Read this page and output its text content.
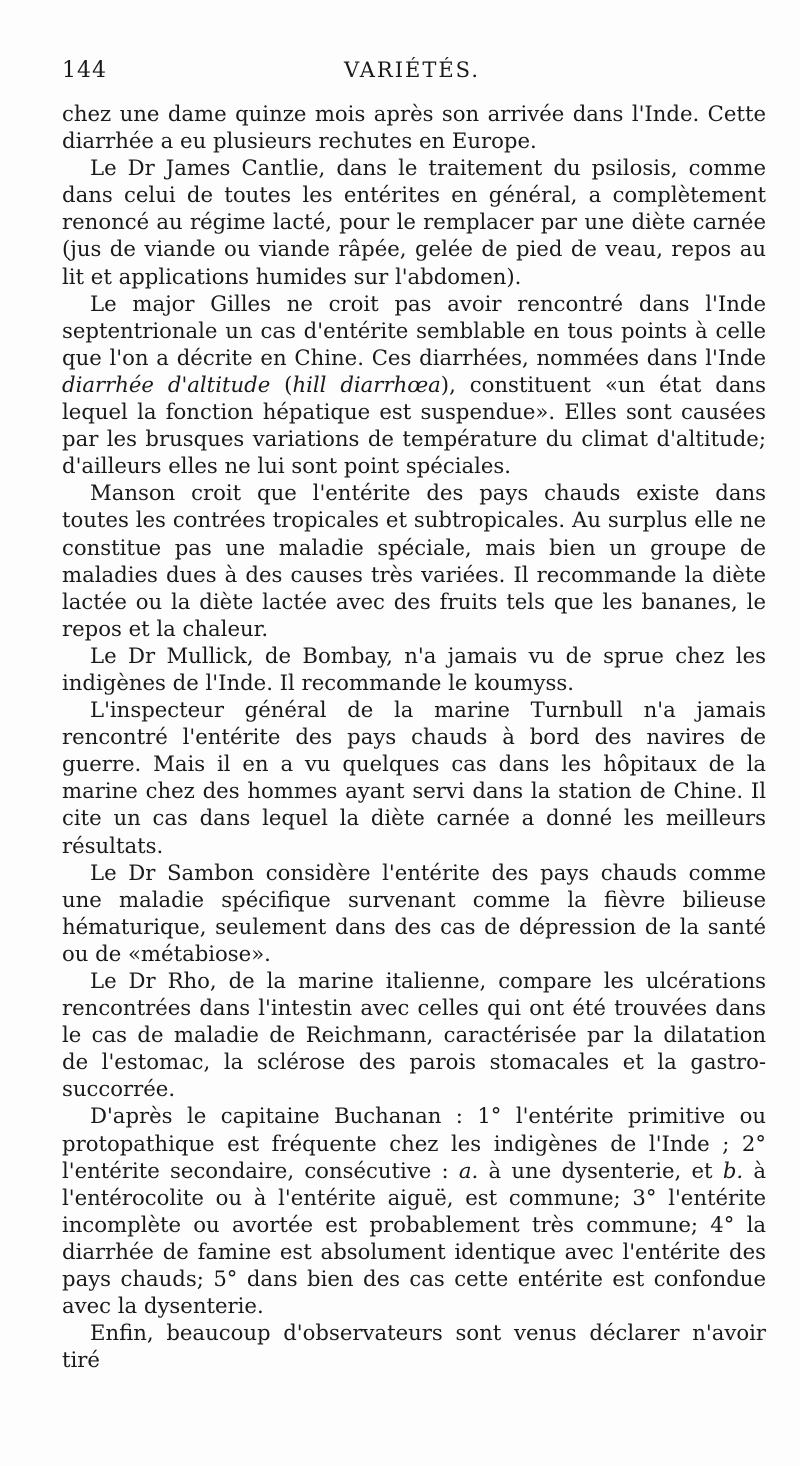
144	VARIÉTÉS.

chez une dame quinze mois après son arrivée dans l'Inde. Cette diarrhée a eu plusieurs rechutes en Europe.

Le Dr James Cantlie, dans le traitement du psilosis, comme dans celui de toutes les entérites en général, a complètement renoncé au régime lacté, pour le remplacer par une diète carnée (jus de viande ou viande râpée, gelée de pied de veau, repos au lit et applications humides sur l'abdomen).

Le major Gilles ne croit pas avoir rencontré dans l'Inde septentrionale un cas d'entérite semblable en tous points à celle que l'on a décrite en Chine. Ces diarrhées, nommées dans l'Inde diarrhée d'altitude (hill diarrhœa), constituent «un état dans lequel la fonction hépatique est suspendue». Elles sont causées par les brusques variations de température du climat d'altitude; d'ailleurs elles ne lui sont point spéciales.

Manson croit que l'entérite des pays chauds existe dans toutes les contrées tropicales et subtropicales. Au surplus elle ne constitue pas une maladie spéciale, mais bien un groupe de maladies dues à des causes très variées. Il recommande la diète lactée ou la diète lactée avec des fruits tels que les bananes, le repos et la chaleur.

Le Dr Mullick, de Bombay, n'a jamais vu de sprue chez les indigènes de l'Inde. Il recommande le koumyss.

L'inspecteur général de la marine Turnbull n'a jamais rencontré l'entérite des pays chauds à bord des navires de guerre. Mais il en a vu quelques cas dans les hôpitaux de la marine chez des hommes ayant servi dans la station de Chine. Il cite un cas dans lequel la diète carnée a donné les meilleurs résultats.

Le Dr Sambon considère l'entérite des pays chauds comme une maladie spécifique survenant comme la fièvre bilieuse hématurique, seulement dans des cas de dépression de la santé ou de «métabiose».

Le Dr Rho, de la marine italienne, compare les ulcérations rencontrées dans l'intestin avec celles qui ont été trouvées dans le cas de maladie de Reichmann, caractérisée par la dilatation de l'estomac, la sclérose des parois stomacales et la gastro-succorrée.

D'après le capitaine Buchanan : 1° l'entérite primitive ou protopathique est fréquente chez les indigènes de l'Inde ; 2° l'entérite secondaire, consécutive : a. à une dysenterie, et b. à l'entérocolite ou à l'entérite aiguë, est commune; 3° l'entérite incomplète ou avortée est probablement très commune; 4° la diarrhée de famine est absolument identique avec l'entérite des pays chauds; 5° dans bien des cas cette entérite est confondue avec la dysenterie.

Enfin, beaucoup d'observateurs sont venus déclarer n'avoir tiré
